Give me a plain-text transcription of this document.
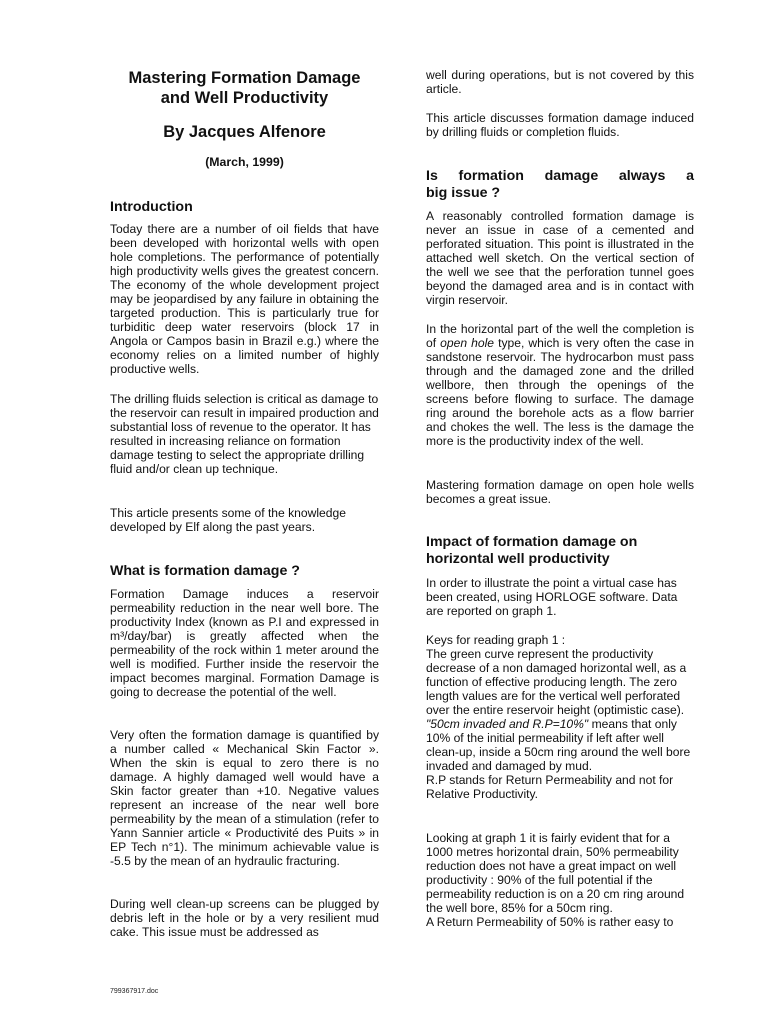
Mastering Formation Damage
and Well Productivity
By Jacques Alfenore
(March, 1999)
Introduction

Today there are a number of oil fields that have been developed with horizontal wells with open hole completions. The performance of potentially high productivity wells gives the greatest concern. The economy of the whole development project may be jeopardised by any failure in obtaining the targeted production. This is particularly true for turbiditic deep water reservoirs (block 17 in Angola or Campos basin in Brazil e.g.) where the economy relies on a limited number of highly productive wells.

The drilling fluids selection is critical as damage to the reservoir can result in impaired production and substantial loss of revenue to the operator. It has resulted in increasing reliance on formation damage testing to select the appropriate drilling fluid and/or clean up technique.

This article presents some of the knowledge developed by Elf along the past years.

What is formation damage ?

Formation Damage induces a reservoir permeability reduction in the near well bore. The productivity Index (known as P.I and expressed in m³/day/bar) is greatly affected when the permeability of the rock within 1 meter around the well is modified. Further inside the reservoir the impact becomes marginal. Formation Damage is going to decrease the potential of the well.

Very often the formation damage is quantified by a number called « Mechanical Skin Factor ». When the skin is equal to zero there is no damage. A highly damaged well would have a Skin factor greater than +10. Negative values represent an increase of the near well bore permeability by the mean of a stimulation (refer to Yann Sannier article « Productivité des Puits » in EP Tech n°1). The minimum achievable value is -5.5 by the mean of an hydraulic fracturing.

During well clean-up screens can be plugged by debris left in the hole or by a very resilient mud cake. This issue must be addressed as

well during operations, but is not covered by this article.

This article discusses formation damage induced by drilling fluids or completion fluids.

Is formation damage always a
big issue ?

A reasonably controlled formation damage is never an issue in case of a cemented and perforated situation. This point is illustrated in the attached well sketch. On the vertical section of the well we see that the perforation tunnel goes beyond the damaged area and is in contact with virgin reservoir.

In the horizontal part of the well the completion is of open hole type, which is very often the case in sandstone reservoir. The hydrocarbon must pass through and the damaged zone and the drilled wellbore, then through the openings of the screens before flowing to surface. The damage ring around the borehole acts as a flow barrier and chokes the well. The less is the damage the more is the productivity index of the well.

Mastering formation damage on open hole wells becomes a great issue.

Impact of formation damage on
horizontal well productivity

In order to illustrate the point a virtual case has been created, using HORLOGE software. Data are reported on graph 1.

Keys for reading graph 1 :
The green curve represent the productivity decrease of a non damaged horizontal well, as a function of effective producing length. The zero length values are for the vertical well perforated over the entire reservoir height (optimistic case).
"50cm invaded and R.P=10%" means that only 10% of the initial permeability if left after well clean-up, inside a 50cm ring around the well bore invaded and damaged by mud.
R.P stands for Return Permeability and not for Relative Productivity.

Looking at graph 1 it is fairly evident that for a 1000 metres horizontal drain, 50% permeability reduction does not have a great impact on well productivity : 90% of the full potential if the permeability reduction is on a 20 cm ring around the well bore, 85% for a 50cm ring.
A Return Permeability of 50% is rather easy to

799367917.doc
